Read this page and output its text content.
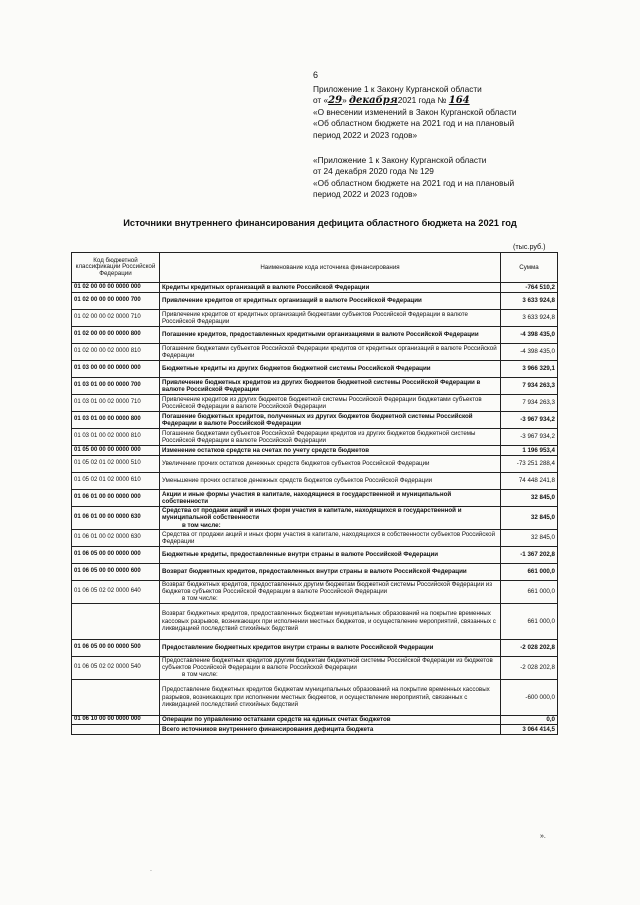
6
Приложение 1 к Закону Курганской области
от «29» декабря2021 года № 164
«О внесении изменений в Закон Курганской области
«Об областном бюджете на 2021 год и на плановый
период 2022 и 2023 годов»
«Приложение 1 к Закону Курганской области
от 24 декабря 2020 года № 129
«Об областном бюджете на 2021 год и на плановый
период 2022 и 2023 годов»
Источники внутреннего финансирования дефицита областного бюджета на 2021 год
(тыс.руб.)
Код бюджетной классификации Российской Федерации	Наименование кода источника финансирования	Сумма
01 02 00 00 00 0000 000	Кредиты кредитных организаций в валюте Российской Федерации	-764 510,2
01 02 00 00 00 0000 700	Привлечение кредитов от кредитных организаций в валюте Российской Федерации	3 633 924,8
01 02 00 00 02 0000 710	Привлечение кредитов от кредитных организаций бюджетами субъектов Российской Федерации в валюте Российской Федерации	3 633 924,8
01 02 00 00 00 0000 800	Погашение кредитов, предоставленных кредитными организациями в валюте Российской Федерации	-4 398 435,0
01 02 00 00 02 0000 810	Погашение бюджетами субъектов Российской Федерации кредитов от кредитных организаций в валюте Российской Федерации	-4 398 435,0
01 03 00 00 00 0000 000	Бюджетные кредиты из других бюджетов бюджетной системы Российской Федерации	3 966 329,1
01 03 01 00 00 0000 700	Привлечение бюджетных кредитов из других бюджетов бюджетной системы Российской Федерации в валюте Российской Федерации	7 934 263,3
01 03 01 00 02 0000 710	Привлечение кредитов из других бюджетов бюджетной системы Российской Федерации бюджетами субъектов Российской Федерации в валюте Российской Федерации	7 934 263,3
01 03 01 00 00 0000 800	Погашение бюджетных кредитов, полученных из других бюджетов бюджетной системы Российской Федерации в валюте Российской Федерации	-3 967 934,2
01 03 01 00 02 0000 810	Погашение бюджетами субъектов Российской Федерации кредитов из других бюджетов бюджетной системы Российской Федерации в валюте Российской Федерации	-3 967 934,2
01 05 00 00 00 0000 000	Изменение остатков средств на счетах по учету средств бюджетов	1 196 953,4
01 05 02 01 02 0000 510	Увеличение прочих остатков денежных средств бюджетов субъектов Российской Федерации	-73 251 288,4
01 05 02 01 02 0000 610	Уменьшение прочих остатков денежных средств бюджетов субъектов Российской Федерации	74 448 241,8
01 06 01 00 00 0000 000	Акции и иные формы участия в капитале, находящиеся в государственной и муниципальной собственности	32 845,0
01 06 01 00 00 0000 630	Средства от продажи акций и иных форм участия в капитале, находящихся в государственной и муниципальной собственности
в том числе:	32 845,0
01 06 01 00 02 0000 630	Средства от продажи акций и иных форм участия в капитале, находящихся в собственности субъектов Российской Федерации	32 845,0
01 06 05 00 00 0000 000	Бюджетные кредиты, предоставленные внутри страны в валюте Российской Федерации	-1 367 202,8
01 06 05 00 00 0000 600	Возврат бюджетных кредитов, предоставленных внутри страны в валюте Российской Федерации	661 000,0
01 06 05 02 02 0000 640	Возврат бюджетных кредитов, предоставленных другим бюджетам бюджетной системы Российской Федерации из бюджетов субъектов Российской Федерации в валюте Российской Федерации
в том числе:	661 000,0
	Возврат бюджетных кредитов, предоставленных бюджетам муниципальных образований на покрытие временных кассовых разрывов, возникающих при исполнении местных бюджетов, и осуществление мероприятий, связанных с ликвидацией последствий стихийных бедствий	661 000,0
01 06 05 00 00 0000 500	Предоставление бюджетных кредитов внутри страны в валюте Российской Федерации	-2 028 202,8
01 06 05 02 02 0000 540	Предоставление бюджетных кредитов другим бюджетам бюджетной системы Российской Федерации из бюджетов субъектов Российской Федерации в валюте Российской Федерации
в том числе:	-2 028 202,8
	Предоставление бюджетных кредитов бюджетам муниципальных образований на покрытие временных кассовых разрывов, возникающих при исполнении местных бюджетов, и осуществление мероприятий, связанных с ликвидацией последствий стихийных бедствий	-600 000,0
01 06 10 00 00 0000 000	Операции по управлению остатками средств на единых счетах бюджетов	0,0
	Всего источников внутреннего финансирования дефицита бюджета	3 064 414,5
».
.
